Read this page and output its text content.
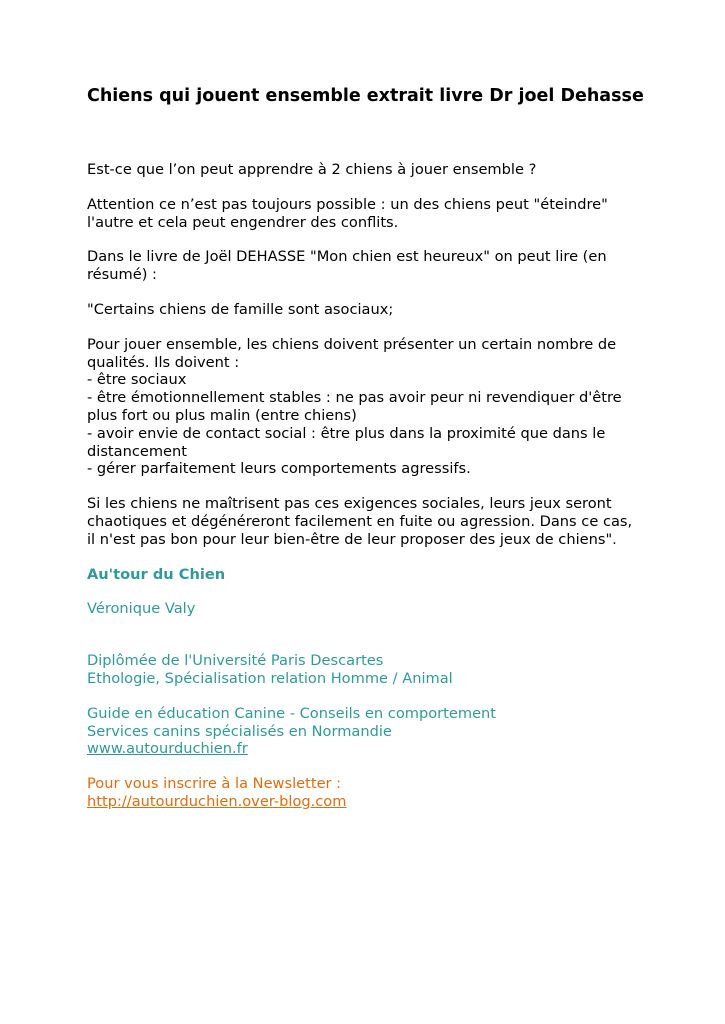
Chiens qui jouent ensemble extrait livre Dr joel Dehasse

Est-ce que l’on peut apprendre à 2 chiens à jouer ensemble ?

Attention ce n’est pas toujours possible : un des chiens peut "éteindre"
l'autre et cela peut engendrer des conflits.

Dans le livre de Joël DEHASSE "Mon chien est heureux" on peut lire (en
résumé) :

"Certains chiens de famille sont asociaux;

Pour jouer ensemble, les chiens doivent présenter un certain nombre de
qualités. Ils doivent :
- être sociaux
- être émotionnellement stables : ne pas avoir peur ni revendiquer d'être
plus fort ou plus malin (entre chiens)
- avoir envie de contact social : être plus dans la proximité que dans le
distancement
- gérer parfaitement leurs comportements agressifs.

Si les chiens ne maîtrisent pas ces exigences sociales, leurs jeux seront
chaotiques et dégénéreront facilement en fuite ou agression. Dans ce cas,
il n'est pas bon pour leur bien-être de leur proposer des jeux de chiens".

Au'tour du Chien

Véronique Valy

Diplômée de l'Université Paris Descartes
Ethologie, Spécialisation relation Homme / Animal

Guide en éducation Canine - Conseils en comportement
Services canins spécialisés en Normandie
www.autourduchien.fr

Pour vous inscrire à la Newsletter :
http://autourduchien.over-blog.com
